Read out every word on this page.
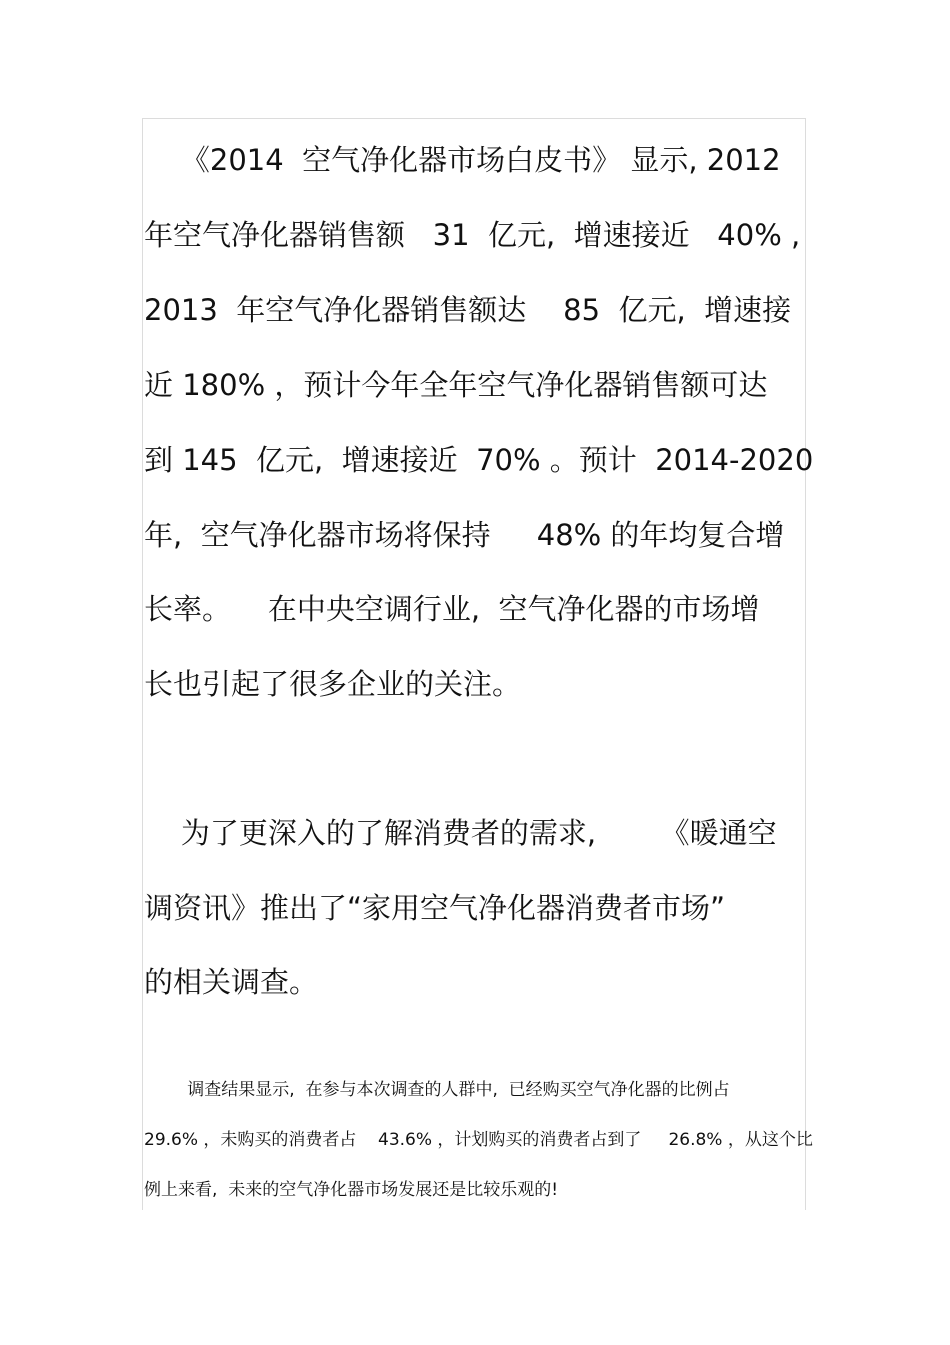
《2014  空气净化器市场白皮书》 显示, 2012
年空气净化器销售额   31  亿元,  增速接近   40% ,
2013  年空气净化器销售额达    85  亿元,  增速接
近 180% ，预计今年全年空气净化器销售额可达
到 145  亿元,  增速接近  70% 。预计  2014-2020
年,  空气净化器市场将保持     48% 的年均复合增
长率。    在中央空调行业,  空气净化器的市场增
长也引起了很多企业的关注。
为了更深入的了解消费者的需求,       《暖通空
调资讯》推出了“家用空气净化器消费者市场”
的相关调查。
调查结果显示,  在参与本次调查的人群中,  已经购买空气净化器的比例占
29.6% ，未购买的消费者占    43.6% ，计划购买的消费者占到了     26.8% ，从这个比
例上来看,  未来的空气净化器市场发展还是比较乐观的!
